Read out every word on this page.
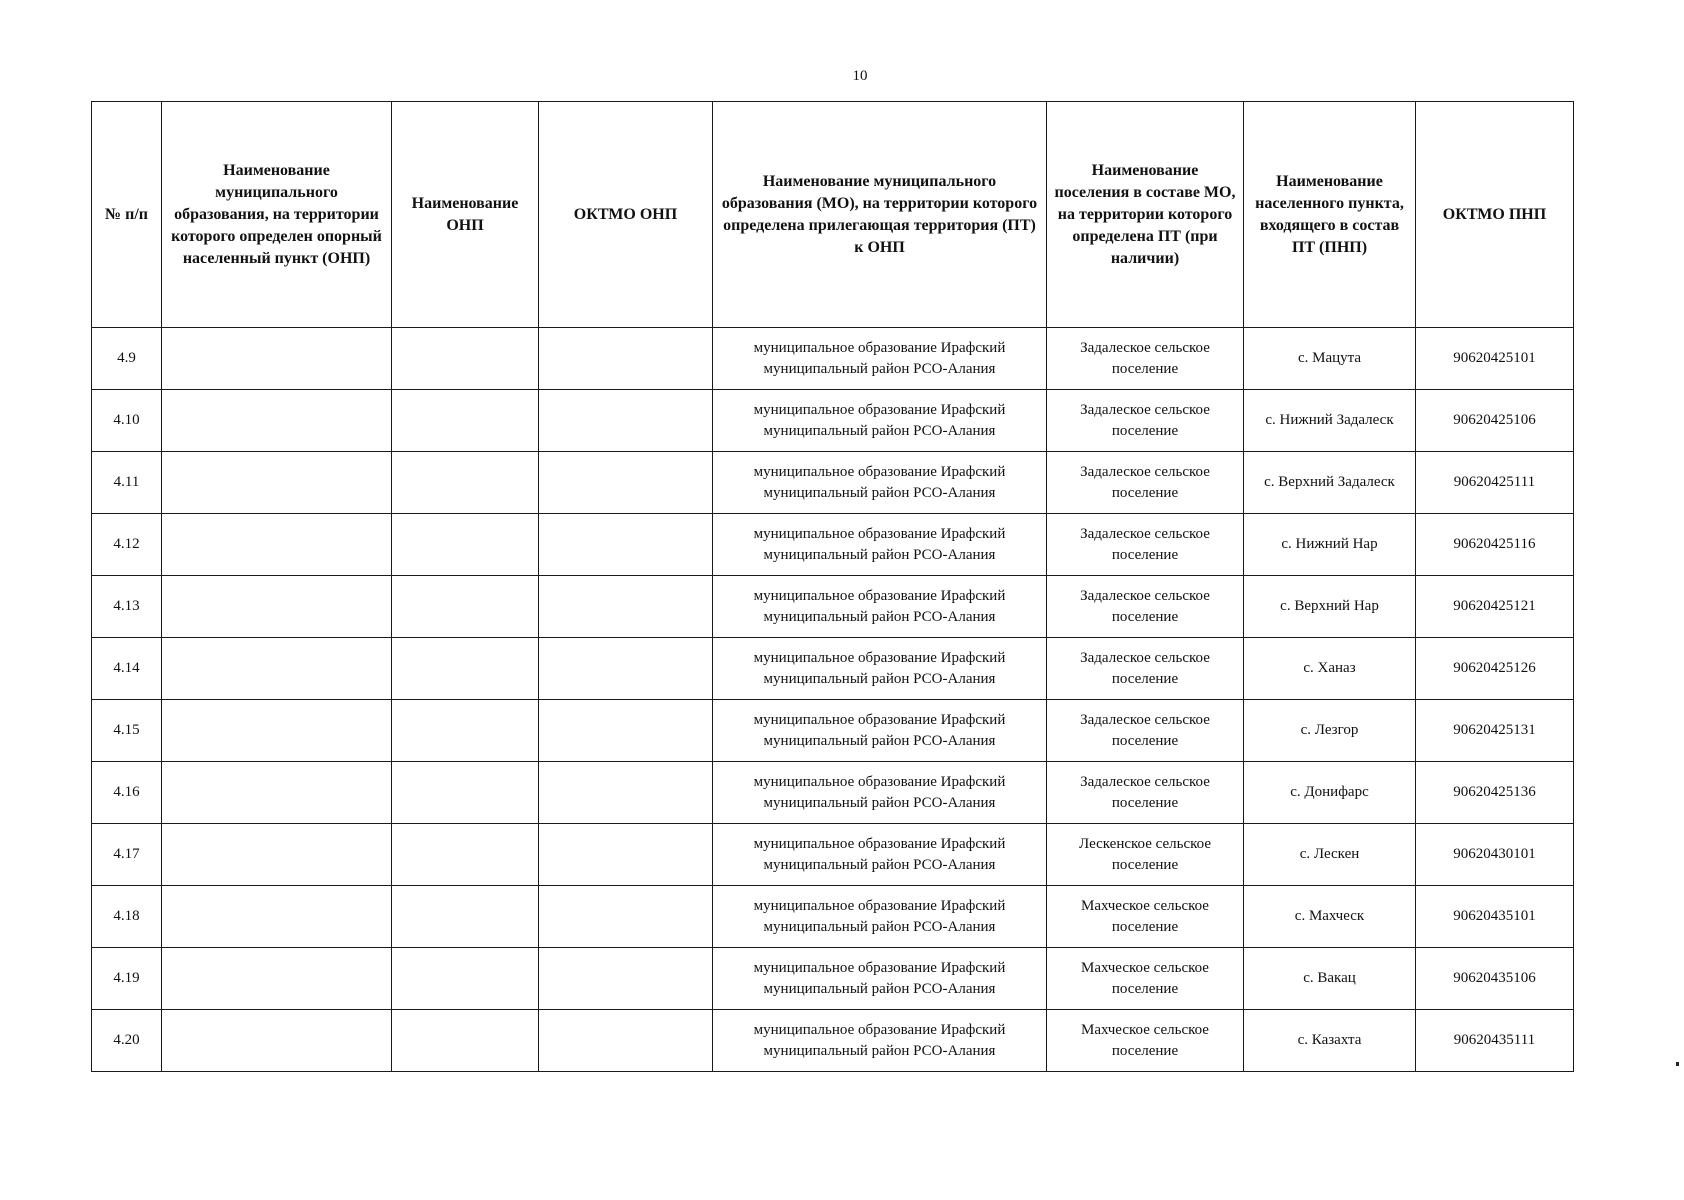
10
№ п/п	Наименование муниципального образования, на территории которого определен опорный населенный пункт (ОНП)	Наименование ОНП	ОКТМО ОНП	Наименование муниципального образования (МО), на территории которого определена прилегающая территория (ПТ) к ОНП	Наименование поселения в составе МО, на территории которого определена ПТ (при наличии)	Наименование населенного пункта, входящего в состав ПТ (ПНП)	ОКТМО ПНП
4.9				муниципальное образование Ирафский муниципальный район РСО-Алания	Задалеское сельское поселение	с. Мацута	90620425101
4.10				муниципальное образование Ирафский муниципальный район РСО-Алания	Задалеское сельское поселение	с. Нижний Задалеск	90620425106
4.11				муниципальное образование Ирафский муниципальный район РСО-Алания	Задалеское сельское поселение	с. Верхний Задалеск	90620425111
4.12				муниципальное образование Ирафский муниципальный район РСО-Алания	Задалеское сельское поселение	с. Нижний Нар	90620425116
4.13				муниципальное образование Ирафский муниципальный район РСО-Алания	Задалеское сельское поселение	с. Верхний Нар	90620425121
4.14				муниципальное образование Ирафский муниципальный район РСО-Алания	Задалеское сельское поселение	с. Ханаз	90620425126
4.15				муниципальное образование Ирафский муниципальный район РСО-Алания	Задалеское сельское поселение	с. Лезгор	90620425131
4.16				муниципальное образование Ирафский муниципальный район РСО-Алания	Задалеское сельское поселение	с. Донифарс	90620425136
4.17				муниципальное образование Ирафский муниципальный район РСО-Алания	Лескенское сельское поселение	с. Лескен	90620430101
4.18				муниципальное образование Ирафский муниципальный район РСО-Алания	Махческое сельское поселение	с. Махческ	90620435101
4.19				муниципальное образование Ирафский муниципальный район РСО-Алания	Махческое сельское поселение	с. Вакац	90620435106
4.20				муниципальное образование Ирафский муниципальный район РСО-Алания	Махческое сельское поселение	с. Казахта	90620435111
